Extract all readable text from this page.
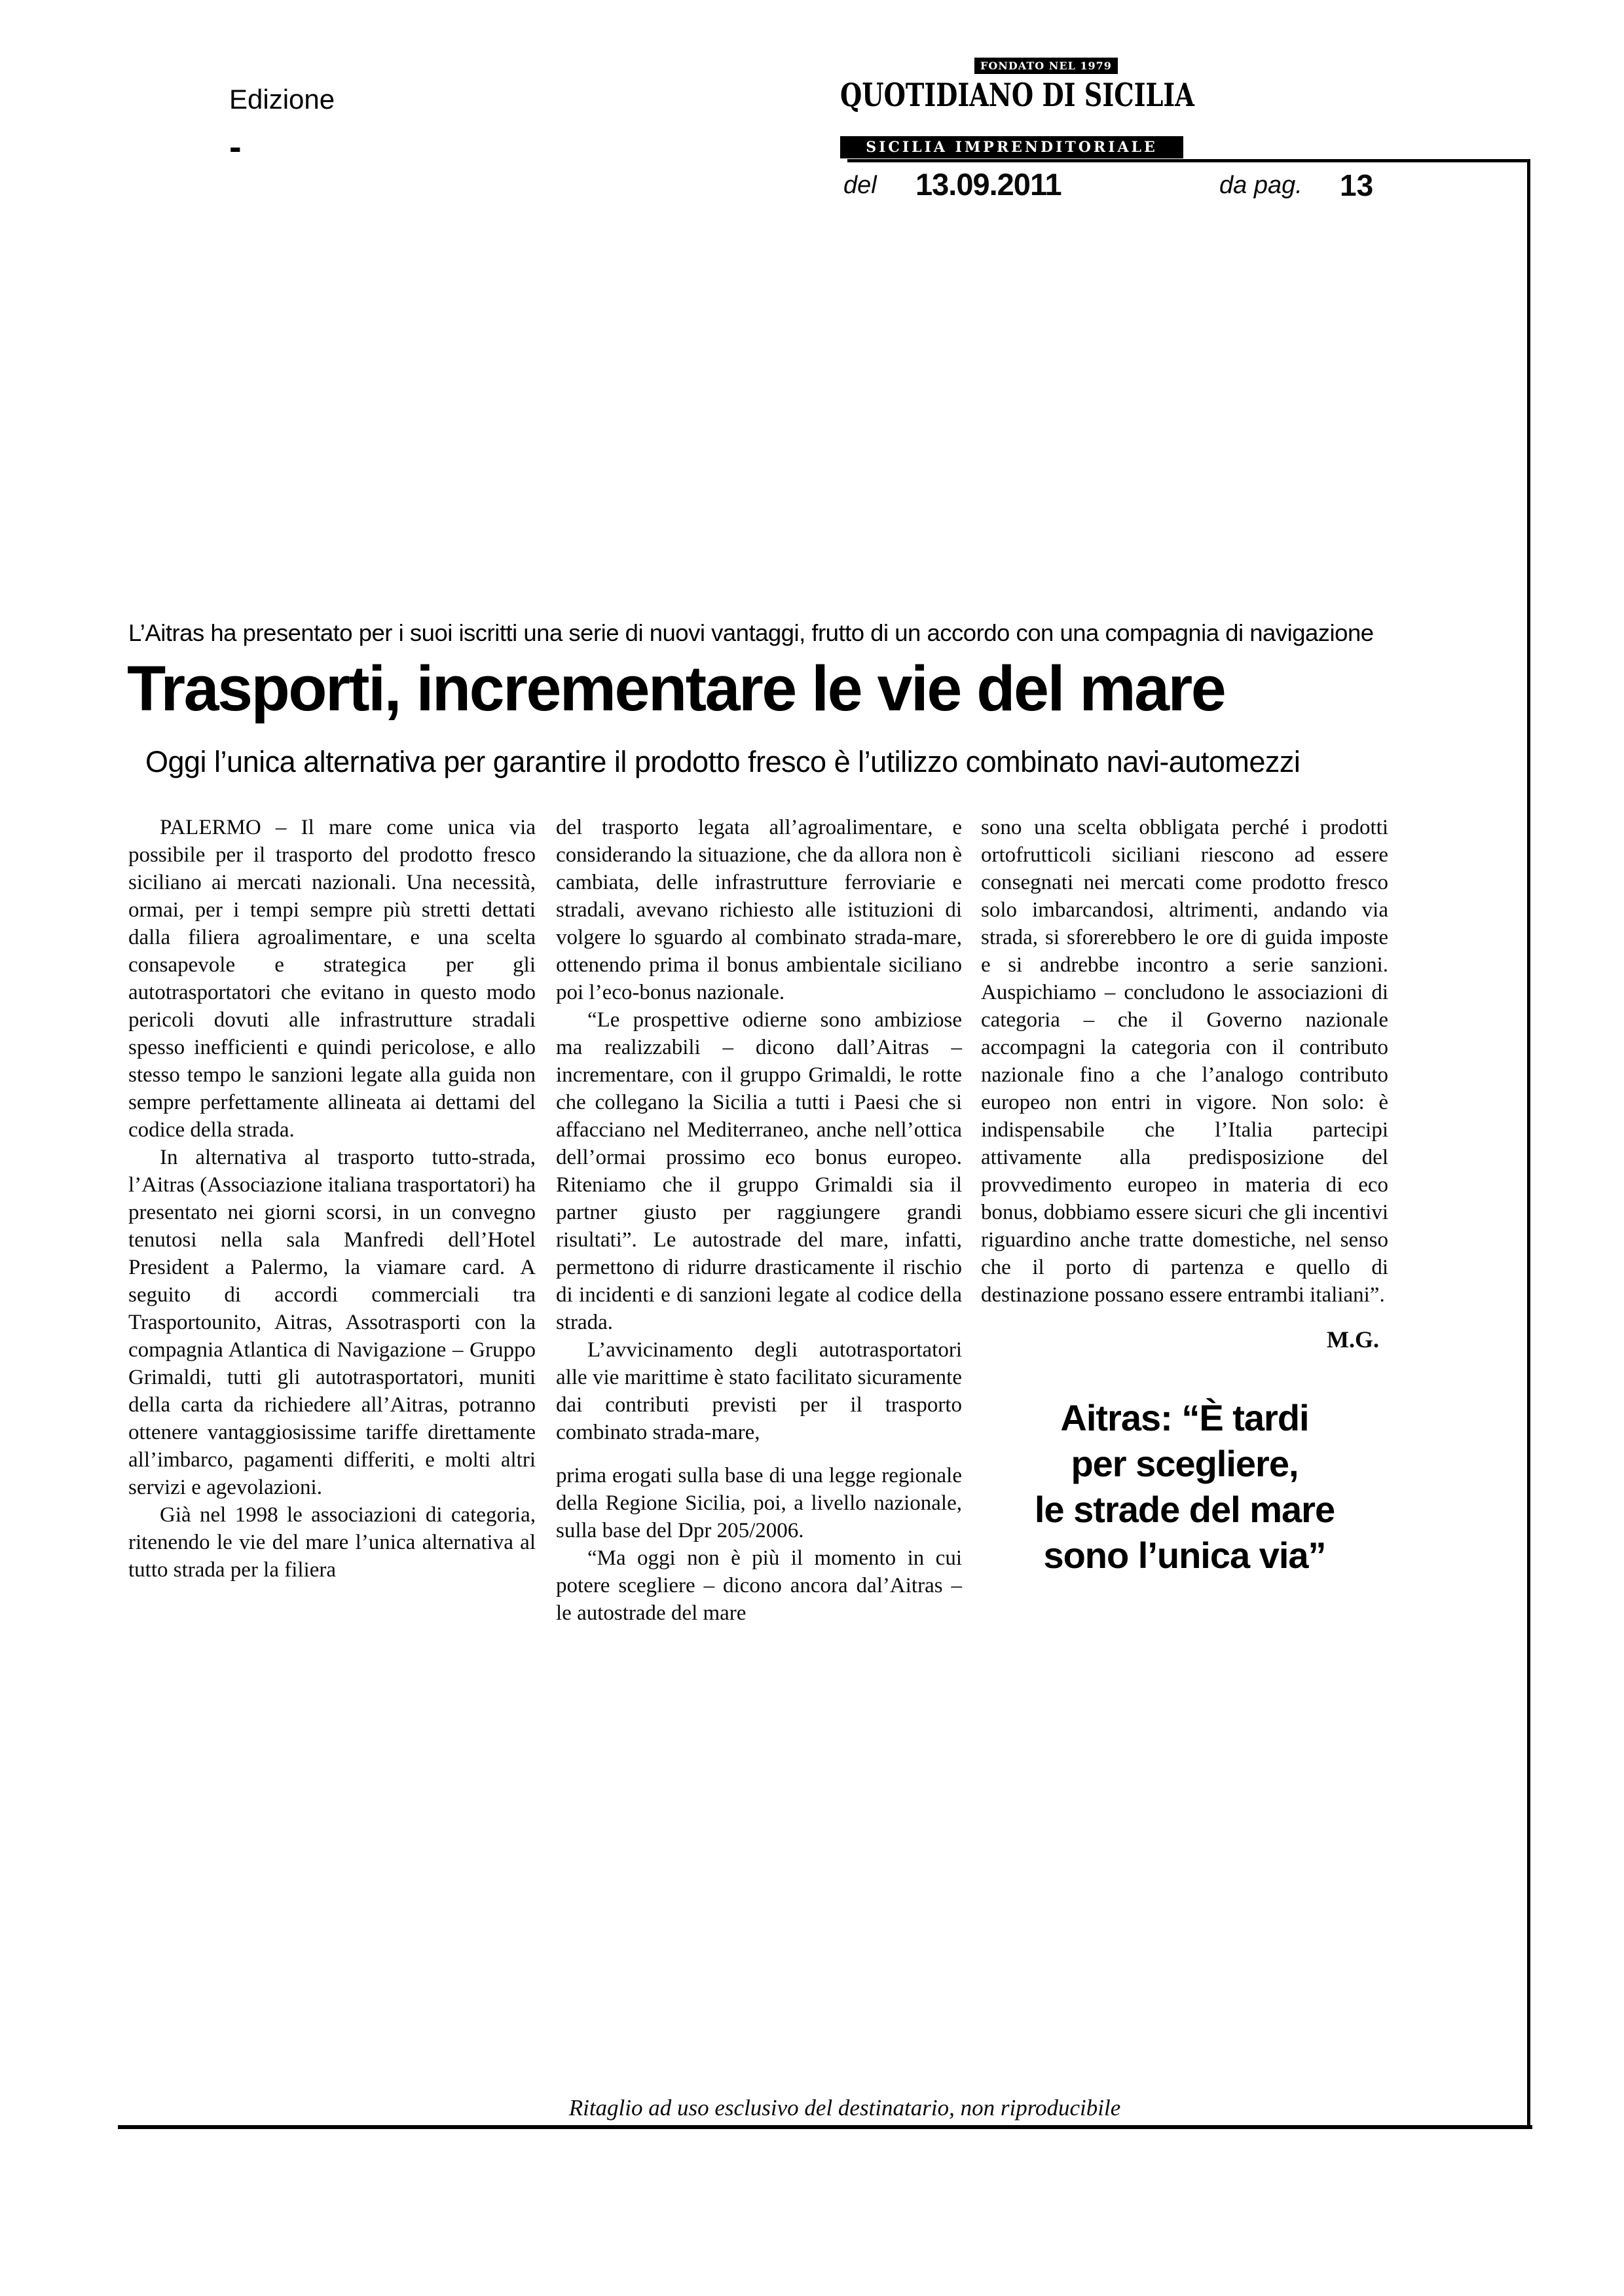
Edizione
-
FONDATO NEL 1979
QUOTIDIANO DI SICILIA
SICILIA IMPRENDITORIALE
del 13.09.2011	da pag. 13
L’Aitras ha presentato per i suoi iscritti una serie di nuovi vantaggi, frutto di un accordo con una compagnia di navigazione
Trasporti, incrementare le vie del mare
Oggi l’unica alternativa per garantire il prodotto fresco è l’utilizzo combinato navi-automezzi

PALERMO – Il mare come unica via possibile per il trasporto del prodotto fresco siciliano ai mercati nazionali. Una necessità, ormai, per i tempi sempre più stretti dettati dalla filiera agroalimentare, e una scelta consapevole e strategica per gli autotrasportatori che evitano in questo modo pericoli dovuti alle infrastrutture stradali spesso inefficienti e quindi pericolose, e allo stesso tempo le sanzioni legate alla guida non sempre perfettamente allineata ai dettami del codice della strada.

In alternativa al trasporto tutto-strada, l’Aitras (Associazione italiana trasportatori) ha presentato nei giorni scorsi, in un convegno tenutosi nella sala Manfredi dell’Hotel President a Palermo, la viamare card. A seguito di accordi commerciali tra Trasportounito, Aitras, Assotrasporti con la compagnia Atlantica di Navigazione – Gruppo Grimaldi, tutti gli autotrasportatori, muniti della carta da richiedere all’Aitras, potranno ottenere vantaggiosissime tariffe direttamente all’imbarco, pagamenti differiti, e molti altri servizi e agevolazioni.

Già nel 1998 le associazioni di categoria, ritenendo le vie del mare l’unica alternativa al tutto strada per la filiera

del trasporto legata all’agroalimentare, e considerando la situazione, che da allora non è cambiata, delle infrastrutture ferroviarie e stradali, avevano richiesto alle istituzioni di volgere lo sguardo al combinato strada-mare, ottenendo prima il bonus ambientale siciliano poi l’eco-bonus nazionale.

“Le prospettive odierne sono ambiziose ma realizzabili – dicono dall’Aitras – incrementare, con il gruppo Grimaldi, le rotte che collegano la Sicilia a tutti i Paesi che si affacciano nel Mediterraneo, anche nell’ottica dell’ormai prossimo eco bonus europeo. Riteniamo che il gruppo Grimaldi sia il partner giusto per raggiungere grandi risultati”. Le autostrade del mare, infatti, permettono di ridurre drasticamente il rischio di incidenti e di sanzioni legate al codice della strada.

L’avvicinamento degli autotrasportatori alle vie marittime è stato facilitato sicuramente dai contributi previsti per il trasporto combinato strada-mare,

prima erogati sulla base di una legge regionale della Regione Sicilia, poi, a livello nazionale, sulla base del Dpr 205/2006.

“Ma oggi non è più il momento in cui potere scegliere – dicono ancora dal’Aitras – le autostrade del mare

sono una scelta obbligata perché i prodotti ortofrutticoli siciliani riescono ad essere consegnati nei mercati come prodotto fresco solo imbarcandosi, altrimenti, andando via strada, si sforerebbero le ore di guida imposte e si andrebbe incontro a serie sanzioni. Auspichiamo – concludono le associazioni di categoria – che il Governo nazionale accompagni la categoria con il contributo nazionale fino a che l’analogo contributo europeo non entri in vigore. Non solo: è indispensabile che l’Italia partecipi attivamente alla predisposizione del provvedimento europeo in materia di eco bonus, dobbiamo essere sicuri che gli incentivi riguardino anche tratte domestiche, nel senso che il porto di partenza e quello di destinazione possano essere entrambi italiani”.

M.G.
Aitras: “È tardi
per scegliere,
le strade del mare
sono l’unica via”
Ritaglio ad uso esclusivo del destinatario, non riproducibile
